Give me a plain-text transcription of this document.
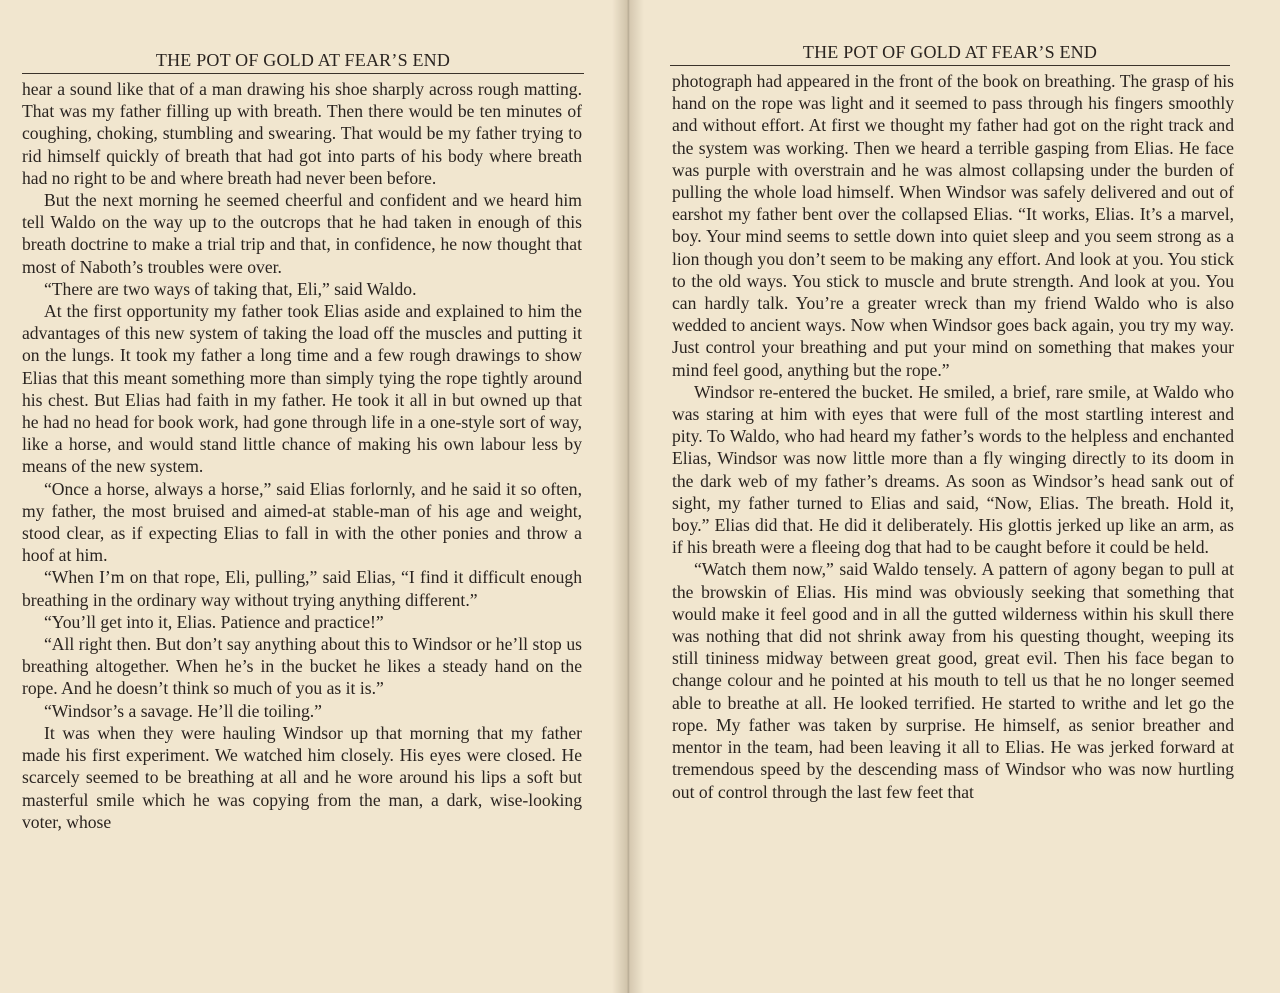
THE POT OF GOLD AT FEAR’S END

hear a sound like that of a man drawing his shoe sharply across rough matting. That was my father filling up with breath. Then there would be ten minutes of coughing, choking, stumbling and swearing. That would be my father trying to rid himself quickly of breath that had got into parts of his body where breath had no right to be and where breath had never been before.

But the next morning he seemed cheerful and confident and we heard him tell Waldo on the way up to the outcrops that he had taken in enough of this breath doctrine to make a trial trip and that, in confidence, he now thought that most of Naboth’s troubles were over.

“There are two ways of taking that, Eli,” said Waldo.

At the first opportunity my father took Elias aside and explained to him the advantages of this new system of taking the load off the muscles and putting it on the lungs. It took my father a long time and a few rough drawings to show Elias that this meant something more than simply tying the rope tightly around his chest. But Elias had faith in my father. He took it all in but owned up that he had no head for book work, had gone through life in a one-style sort of way, like a horse, and would stand little chance of making his own labour less by means of the new system.

“Once a horse, always a horse,” said Elias forlornly, and he said it so often, my father, the most bruised and aimed-at stable-man of his age and weight, stood clear, as if expecting Elias to fall in with the other ponies and throw a hoof at him.

“When I’m on that rope, Eli, pulling,” said Elias, “I find it difficult enough breathing in the ordinary way without trying anything different.”

“You’ll get into it, Elias. Patience and practice!”

“All right then. But don’t say anything about this to Windsor or he’ll stop us breathing altogether. When he’s in the bucket he likes a steady hand on the rope. And he doesn’t think so much of you as it is.”

“Windsor’s a savage. He’ll die toiling.”

It was when they were hauling Windsor up that morning that my father made his first experiment. We watched him closely. His eyes were closed. He scarcely seemed to be breathing at all and he wore around his lips a soft but masterful smile which he was copying from the man, a dark, wise-looking voter, whose

THE POT OF GOLD AT FEAR’S END

photograph had appeared in the front of the book on breathing. The grasp of his hand on the rope was light and it seemed to pass through his fingers smoothly and without effort. At first we thought my father had got on the right track and the system was working. Then we heard a terrible gasping from Elias. He face was purple with overstrain and he was almost collapsing under the burden of pulling the whole load himself. When Windsor was safely delivered and out of earshot my father bent over the collapsed Elias. “It works, Elias. It’s a marvel, boy. Your mind seems to settle down into quiet sleep and you seem strong as a lion though you don’t seem to be making any effort. And look at you. You stick to the old ways. You stick to muscle and brute strength. And look at you. You can hardly talk. You’re a greater wreck than my friend Waldo who is also wedded to ancient ways. Now when Windsor goes back again, you try my way. Just control your breathing and put your mind on something that makes your mind feel good, anything but the rope.”

Windsor re-entered the bucket. He smiled, a brief, rare smile, at Waldo who was staring at him with eyes that were full of the most startling interest and pity. To Waldo, who had heard my father’s words to the helpless and enchanted Elias, Windsor was now little more than a fly winging directly to its doom in the dark web of my father’s dreams. As soon as Windsor’s head sank out of sight, my father turned to Elias and said, “Now, Elias. The breath. Hold it, boy.” Elias did that. He did it deliberately. His glottis jerked up like an arm, as if his breath were a fleeing dog that had to be caught before it could be held.

“Watch them now,” said Waldo tensely. A pattern of agony began to pull at the browskin of Elias. His mind was obviously seeking that something that would make it feel good and in all the gutted wilderness within his skull there was nothing that did not shrink away from his questing thought, weeping its still tininess midway between great good, great evil. Then his face began to change colour and he pointed at his mouth to tell us that he no longer seemed able to breathe at all. He looked terrified. He started to writhe and let go the rope. My father was taken by surprise. He himself, as senior breather and mentor in the team, had been leaving it all to Elias. He was jerked forward at tremendous speed by the descending mass of Windsor who was now hurtling out of control through the last few feet that
